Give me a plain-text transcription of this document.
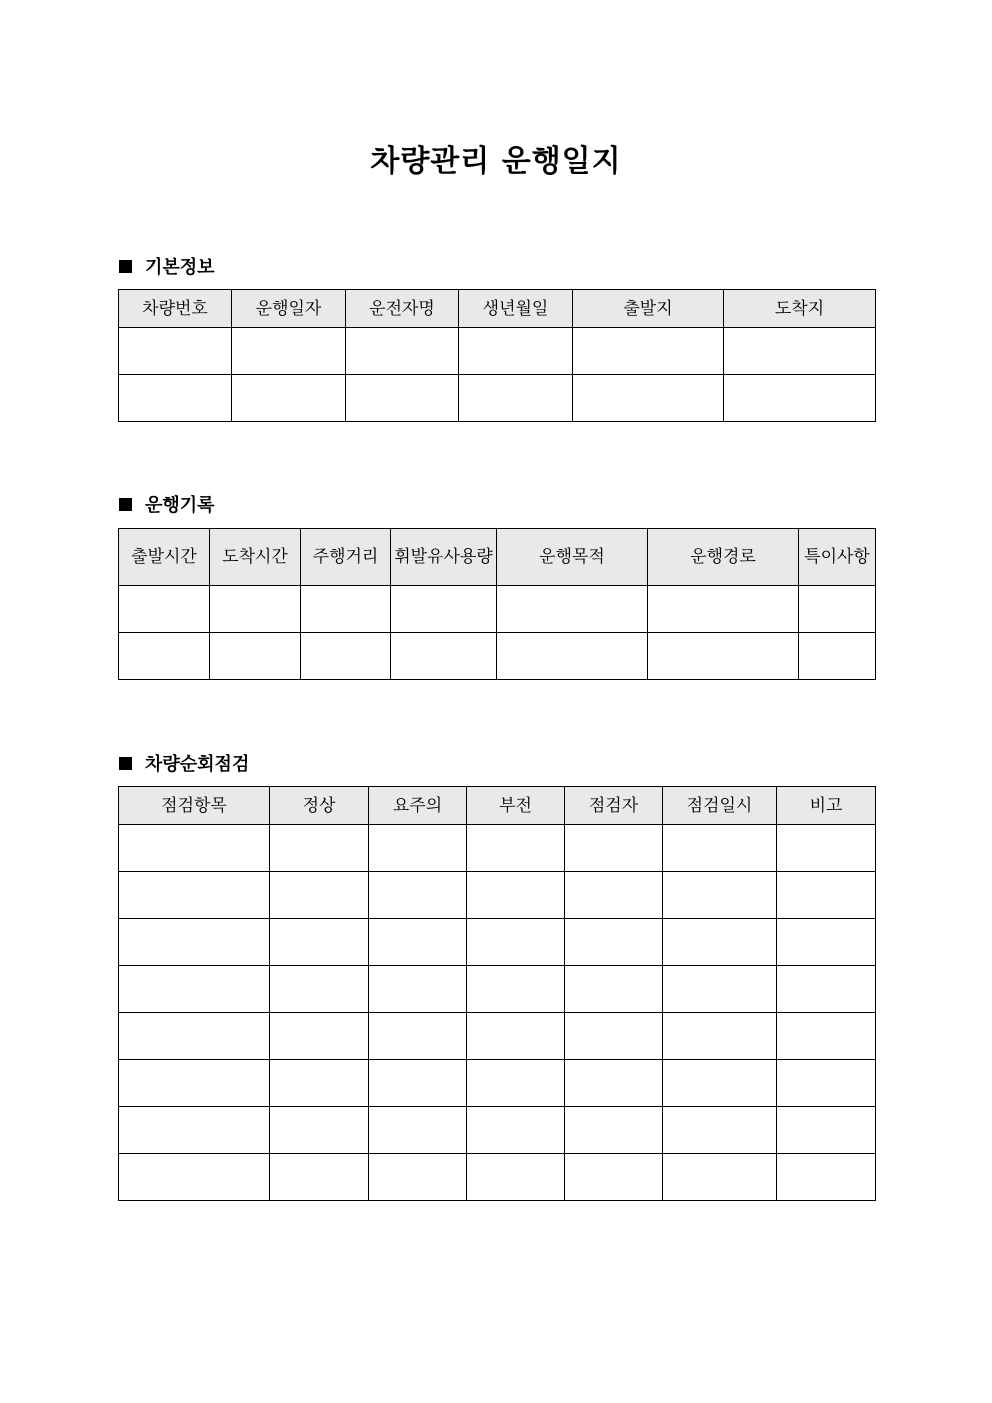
차량관리 운행일지
기본정보
차량번호	운행일자	운전자명	생년월일	출발지	도착지

운행기록
출발시간	도착시간	주행거리	휘발유사용량	운행목적	운행경로	특이사항

차량순회점검
점검항목	정상	요주의	부전	점검자	점검일시	비고
